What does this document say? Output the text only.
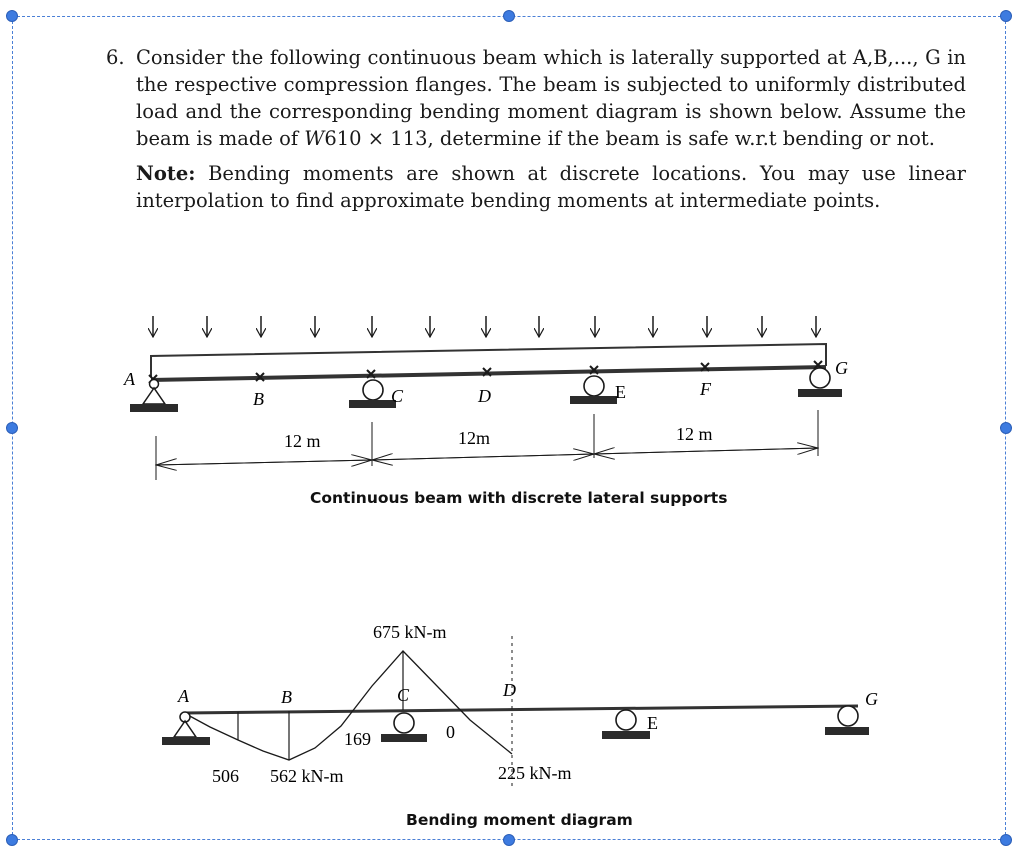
6. Consider the following continuous beam which is laterally supported at A,B,..., G in the respective compression flanges. The beam is subjected to uniformly distributed load and the corresponding bending moment diagram is shown below. Assume the beam is made of W610 × 113, determine if the beam is safe w.r.t bending or not.
Note: Bending moments are shown at discrete locations. You may use linear interpolation to find approximate bending moments at intermediate points.
A
B	C	D	E	F
G
12 m	12m	12 m
A	B	C	D
E
G
675 kN-m
169	0
506 562 kN-m	225 kN-m
Continuous beam with discrete lateral supports
Bending moment diagram
